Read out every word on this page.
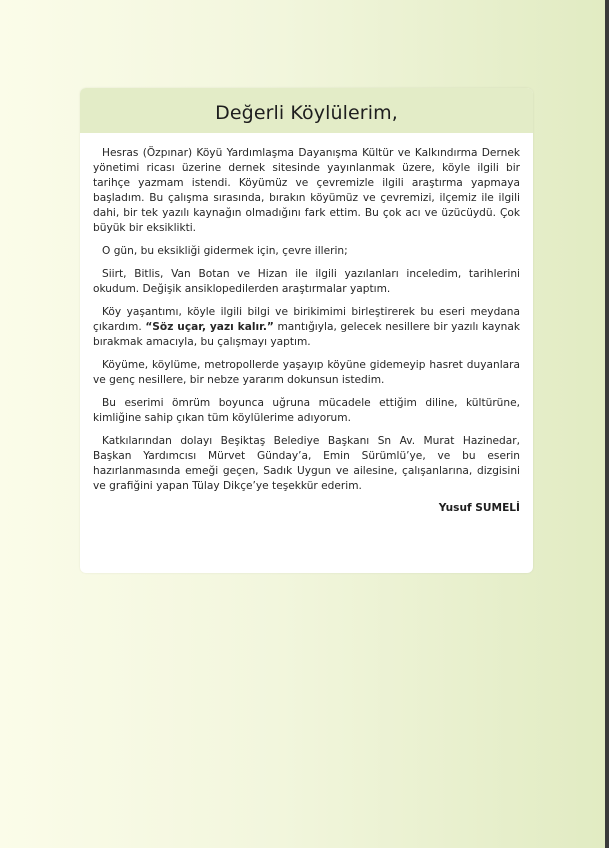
Değerli Köylülerim,

Hesras (Özpınar) Köyü Yardımlaşma Dayanışma Kültür ve Kalkındırma Dernek yönetimi ricası üzerine dernek sitesinde yayınlanmak üzere, köyle ilgili bir tarihçe yazmam istendi. Köyümüz ve çevremizle ilgili araştırma yapmaya başladım. Bu çalışma sırasında, bırakın köyümüz ve çevremizi, ilçemiz ile ilgili dahi, bir tek yazılı kaynağın olmadığını fark ettim. Bu çok acı ve üzücüydü. Çok büyük bir eksiklikti.

O gün, bu eksikliği gidermek için, çevre illerin;

Siirt, Bitlis, Van Botan ve Hizan ile ilgili yazılanları inceledim, tarihlerini okudum. Değişik ansiklopedilerden araştırmalar yaptım.

Köy yaşantımı, köyle ilgili bilgi ve birikimimi birleştirerek bu eseri meydana çıkardım. “Söz uçar, yazı kalır.” mantığıyla, gelecek nesillere bir yazılı kaynak bırakmak amacıyla, bu çalışmayı yaptım.

Köyüme, köylüme, metropollerde yaşayıp köyüne gidemeyip hasret duyanlara ve genç nesillere, bir nebze yararım dokunsun istedim.

Bu eserimi ömrüm boyunca uğruna mücadele ettiğim diline, kültürüne, kimliğine sahip çıkan tüm köylülerime adıyorum.

Katkılarından dolayı Beşiktaş Belediye Başkanı Sn Av. Murat Hazinedar, Başkan Yardımcısı Mürvet Günday’a, Emin Sürümlü’ye, ve bu eserin hazırlanmasında emeği geçen, Sadık Uygun ve ailesine, çalışanlarına, dizgisini ve grafiğini yapan Tülay Dikçe’ye teşekkür ederim.

Yusuf SUMELİ
